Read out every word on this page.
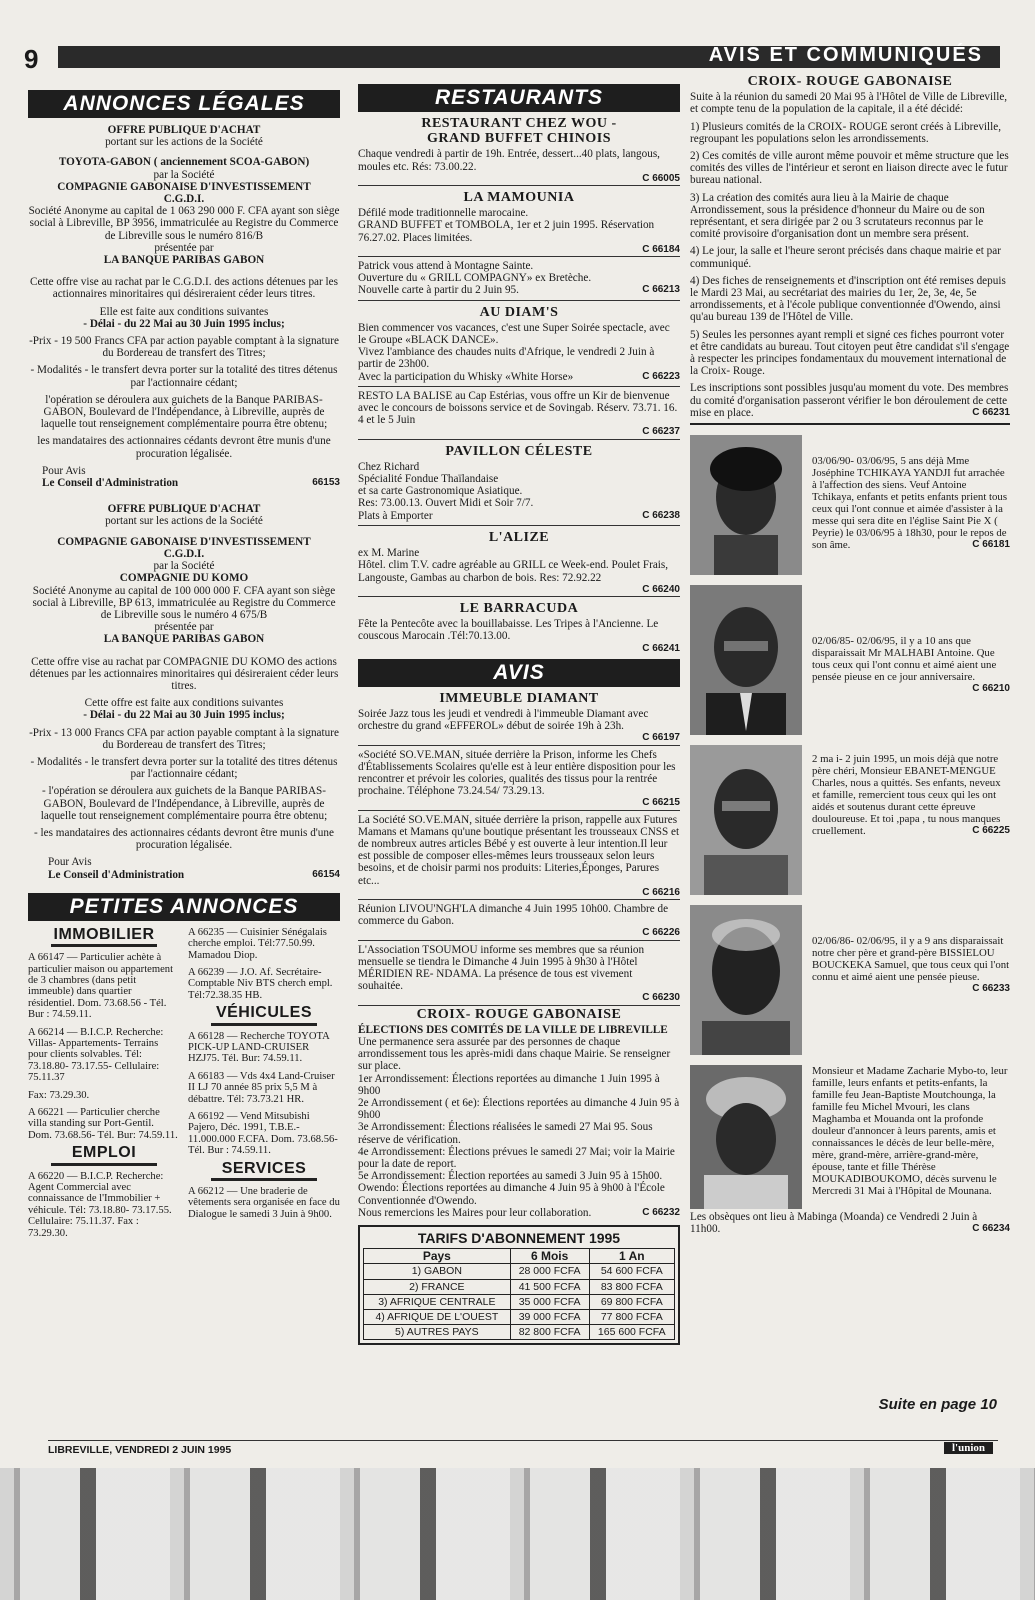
9	AVIS ET COMMUNIQUÉS
ANNONCES LÉGALES
OFFRE PUBLIQUE D'ACHAT
portant sur les actions de la Société
TOYOTA-GABON ( anciennement SCOA-GABON)
par la Société
COMPAGNIE GABONAISE D'INVESTISSEMENT
C.G.D.I.
Société Anonyme au capital de 1 063 290 000 F. CFA ayant son siège social à Libreville, BP 3956, immatriculée au Registre du Commerce de Libreville sous le numéro 816/B
présentée par
LA BANQUE PARIBAS GABON

Cette offre vise au rachat par le C.G.D.I. des actions détenues par les actionnaires minoritaires qui désireraient céder leurs titres.

Elle est faite aux conditions suivantes

- Délai - du 22 Mai au 30 Juin 1995 inclus;

-Prix - 19 500 Francs CFA par action payable comptant à la signature du Bordereau de transfert des Titres;

- Modalités - le transfert devra porter sur la totalité des titres détenus par l'actionnaire cédant;

l'opération se déroulera aux guichets de la Banque PARIBAS-GABON, Boulevard de l'Indépendance, à Libreville, auprès de laquelle tout renseignement complémentaire pourra être obtenu;

les mandataires des actionnaires cédants devront être munis d'une procuration légalisée.

Pour Avis
Le Conseil d'Administration	66153
OFFRE PUBLIQUE D'ACHAT
portant sur les actions de la Société
COMPAGNIE GABONAISE D'INVESTISSEMENT
C.G.D.I.
par la Société
COMPAGNIE DU KOMO
Société Anonyme au capital de 100 000 000 F. CFA ayant son siège social à Libreville, BP 613, immatriculée au Registre du Commerce de Libreville sous le numéro 4 675/B
présentée par
LA BANQUE PARIBAS GABON

Cette offre vise au rachat par COMPAGNIE DU KOMO des actions détenues par les actionnaires minoritaires qui désireraient céder leurs titres.

Cette offre est faite aux conditions suivantes

- Délai - du 22 Mai au 30 Juin 1995 inclus;

-Prix - 13 000 Francs CFA par action payable comptant à la signature du Bordereau de transfert des Titres;

- Modalités - le transfert devra porter sur la totalité des titres détenus par l'actionnaire cédant;

- l'opération se déroulera aux guichets de la Banque PARIBAS-GABON, Boulevard de l'Indépendance, à Libreville, auprès de laquelle tout renseignement complémentaire pourra être obtenu;

- les mandataires des actionnaires cédants devront être munis d'une procuration légalisée.

Pour Avis
Le Conseil d'Administration	66154
PETITES ANNONCES
IMMOBILIER

A 66147 — Particulier achète à particulier maison ou appartement de 3 chambres (dans petit immeuble) dans quartier résidentiel. Dom. 73.68.56 - Tél. Bur : 74.59.11.

A 66214 — B.I.C.P. Recherche: Villas- Appartements- Terrains pour clients solvables. Tél: 73.18.80- 73.17.55- Cellulaire: 75.11.37

Fax: 73.29.30.

A 66221 — Particulier cherche villa standing sur Port-Gentil. Dom. 73.68.56- Tél. Bur: 74.59.11.

EMPLOI

A 66220 — B.I.C.P. Recherche: Agent Commercial avec connaissance de l'Immobilier + véhicule. Tél: 73.18.80- 73.17.55. Cellulaire: 75.11.37. Fax : 73.29.30.

A 66235 — Cuisinier Sénégalais cherche emploi. Tél:77.50.99. Mamadou Diop.

A 66239 — J.O. Af. Secrétaire-Comptable Niv BTS cherch empl. Tél:72.38.35 HB.

VÉHICULES

A 66128 — Recherche TOYOTA PICK-UP LAND-CRUISER HZJ75. Tél. Bur: 74.59.11.

A 66183 — Vds 4x4 Land-Cruiser II LJ 70 année 85 prix 5,5 M à débattre. Tél: 73.73.21 HR.

A 66192 — Vend Mitsubishi Pajero, Déc. 1991, T.B.E.- 11.000.000 F.CFA. Dom. 73.68.56- Tél. Bur : 74.59.11.

SERVICES

A 66212 — Une braderie de vêtements sera organisée en face du Dialogue le samedi 3 Juin à 9h00.

RESTAURANTS
RESTAURANT CHEZ WOU -
GRAND BUFFET CHINOIS
Chaque vendredi à partir de 19h. Entrée, dessert...40 plats, langous, moules etc. Rés: 73.00.22.
C 66005
LA MAMOUNIA
Défilé mode traditionnelle marocaine.
GRAND BUFFET et TOMBOLA, 1er et 2 juin 1995. Réservation 76.27.02. Places limitées.
C 66184
Patrick vous attend à Montagne Sainte.
Ouverture du « GRILL COMPAGNY» ex Bretèche.
Nouvelle carte à partir du 2 Juin 95.	C 66213
AU DIAM'S
Bien commencer vos vacances, c'est une Super Soirée spectacle, avec le Groupe «BLACK DANCE».
Vivez l'ambiance des chaudes nuits d'Afrique, le vendredi 2 Juin à partir de 23h00.
Avec la participation du Whisky «White Horse»	C 66223
RESTO LA BALISE au Cap Estérias, vous offre un Kir de bienvenue avec le concours de boissons service et de Sovingab. Réserv. 73.71. 16. 4 et le 5 Juin
C 66237
PAVILLON CÉLESTE
Chez Richard
Spécialité Fondue Thaïlandaise
et sa carte Gastronomique Asiatique.
Res: 73.00.13. Ouvert Midi et Soir 7/7.
Plats à Emporter	C 66238
L'ALIZE
ex M. Marine
Hôtel. clim T.V. cadre agréable au GRILL ce Week-end. Poulet Frais, Langouste, Gambas au charbon de bois. Res: 72.92.22
C 66240
LE BARRACUDA
Fête la Pentecôte avec la bouillabaisse. Les Tripes à l'Ancienne. Le couscous Marocain .Tél:70.13.00.
C 66241
AVIS
IMMEUBLE DIAMANT
Soirée Jazz tous les jeudi et vendredi à l'immeuble Diamant avec orchestre du grand «EFFEROL» début de soirée 19h à 23h.
C 66197
«Société SO.VE.MAN, située derrière la Prison, informe les Chefs d'Établissements Scolaires qu'elle est à leur entière disposition pour les rencontrer et prévoir les colories, qualités des tissus pour la rentrée prochaine. Téléphone 73.24.54/ 73.29.13.
C 66215
La Société SO.VE.MAN, située derrière la prison, rappelle aux Futures Mamans et Mamans qu'une boutique présentant les trousseaux CNSS et de nombreux autres articles Bébé y est ouverte à leur intention.Il leur est possible de composer elles-mêmes leurs trousseaux selon leurs besoins, et de choisir parmi nos produits: Literies,Éponges, Parures etc...
C 66216
Réunion LIVOU'NGH'LA dimanche 4 Juin 1995 10h00. Chambre de commerce du Gabon.
C 66226
L'Association TSOUMOU informe ses membres que sa réunion mensuelle se tiendra le Dimanche 4 Juin 1995 à 9h30 à l'Hôtel MÉRIDIEN RE- NDAMA. La présence de tous est vivement souhaitée.
C 66230
CROIX- ROUGE GABONAISE
ÉLECTIONS DES COMITÉS DE LA VILLE DE LIBREVILLE
Une permanence sera assurée par des personnes de chaque arrondissement tous les après-midi dans chaque Mairie. Se renseigner sur place.
1er Arrondissement: Élections reportées au dimanche 1 Juin 1995 à 9h00
2e Arrondissement ( et 6e): Élections reportées au dimanche 4 Juin 95 à 9h00
3e Arrondissement: Élections réalisées le samedi 27 Mai 95. Sous réserve de vérification.
4e Arrondissement: Élections prévues le samedi 27 Mai; voir la Mairie pour la date de report.
5e Arrondissement: Élection reportées au samedi 3 Juin 95 à 15h00.
Owendo: Élections reportées au dimanche 4 Juin 95 à 9h00 à l'École Conventionnée d'Owendo.
Nous remercions les Maires pour leur collaboration.	C 66232
TARIFS D'ABONNEMENT 1995
Pays	6 Mois	1 An
1) GABON	28 000 FCFA	54 600 FCFA
2) FRANCE	41 500 FCFA	83 800 FCFA
3) AFRIQUE CENTRALE	35 000 FCFA	69 800 FCFA
4) AFRIQUE DE L'OUEST	39 000 FCFA	77 800 FCFA
5) AUTRES PAYS	82 800 FCFA	165 600 FCFA
CROIX- ROUGE GABONAISE

Suite à la réunion du samedi 20 Mai 95 à l'Hôtel de Ville de Libreville, et compte tenu de la population de la capitale, il a été décidé:

1) Plusieurs comités de la CROIX- ROUGE seront créés à Libreville, regroupant les populations selon les arrondissements.

2) Ces comités de ville auront même pouvoir et même structure que les comités des villes de l'intérieur et seront en liaison directe avec le futur bureau national.

3) La création des comités aura lieu à la Mairie de chaque Arrondissement, sous la présidence d'honneur du Maire ou de son représentant, et sera dirigée par 2 ou 3 scrutateurs reconnus par le comité provisoire d'organisation dont un membre sera présent.

4) Le jour, la salle et l'heure seront précisés dans chaque mairie et par communiqué.

4) Des fiches de renseignements et d'inscription ont été remises depuis le Mardi 23 Mai, au secrétariat des mairies du 1er, 2e, 3e, 4e, 5e arrondissements, et à l'école publique conventionnée d'Owendo, ainsi qu'au bureau 139 de l'Hôtel de Ville.

5) Seules les personnes ayant rempli et signé ces fiches pourront voter et être candidats au bureau. Tout citoyen peut être candidat s'il s'engage à respecter les principes fondamentaux du mouvement international de la Croix- Rouge.

Les inscriptions sont possibles jusqu'au moment du vote. Des membres du comité d'organisation passeront vérifier le bon déroulement de cette mise en place.	C 66231
03/06/90- 03/06/95, 5 ans déjà Mme Joséphine TCHIKAYA YANDJI fut arrachée à l'affection des siens. Veuf Antoine Tchikaya, enfants et petits enfants prient tous ceux qui l'ont connue et aimée d'assister à la messe qui sera dite en l'église Saint Pie X ( Peyrie) le 03/06/95 à 18h30, pour le repos de son âme.	C 66181
02/06/85- 02/06/95, il y a 10 ans que disparaissait Mr MALHABI Antoine. Que tous ceux qui l'ont connu et aimé aient une pensée pieuse en ce jour anniversaire.
C 66210
2 ma i- 2 juin 1995, un mois déjà que notre père chéri, Monsieur EBANET-MENGUE Charles, nous a quittés. Ses enfants, neveux et famille, remercient tous ceux qui les ont aidés et soutenus durant cette épreuve douloureuse. Et toi ,papa , tu nous manques cruellement.	C 66225
02/06/86- 02/06/95, il y a 9 ans disparaissait notre cher père et grand-père BISSIELOU BOUCKEKA Samuel, que tous ceux qui l'ont connu et aimé aient une pensée pieuse.
C 66233
Monsieur et Madame Zacharie Mybo-to, leur famille, leurs enfants et petits-enfants, la famille feu Jean-Baptiste Moutchounga, la famille feu Michel Mvouri, les clans Maghamba et Mouanda ont la profonde douleur d'annoncer à leurs parents, amis et connaissances le décès de leur belle-mère, mère, grand-mère, arrière-grand-mère, épouse, tante et fille Thérèse MOUKADIBOUKOMO, décès survenu le Mercredi 31 Mai à l'Hôpital de Mounana.
Les obsèques ont lieu à Mabinga (Moanda) ce Vendredi 2 Juin à 11h00.	C 66234
Suite en page 10
LIBREVILLE, VENDREDI 2 JUIN 1995	l'union
